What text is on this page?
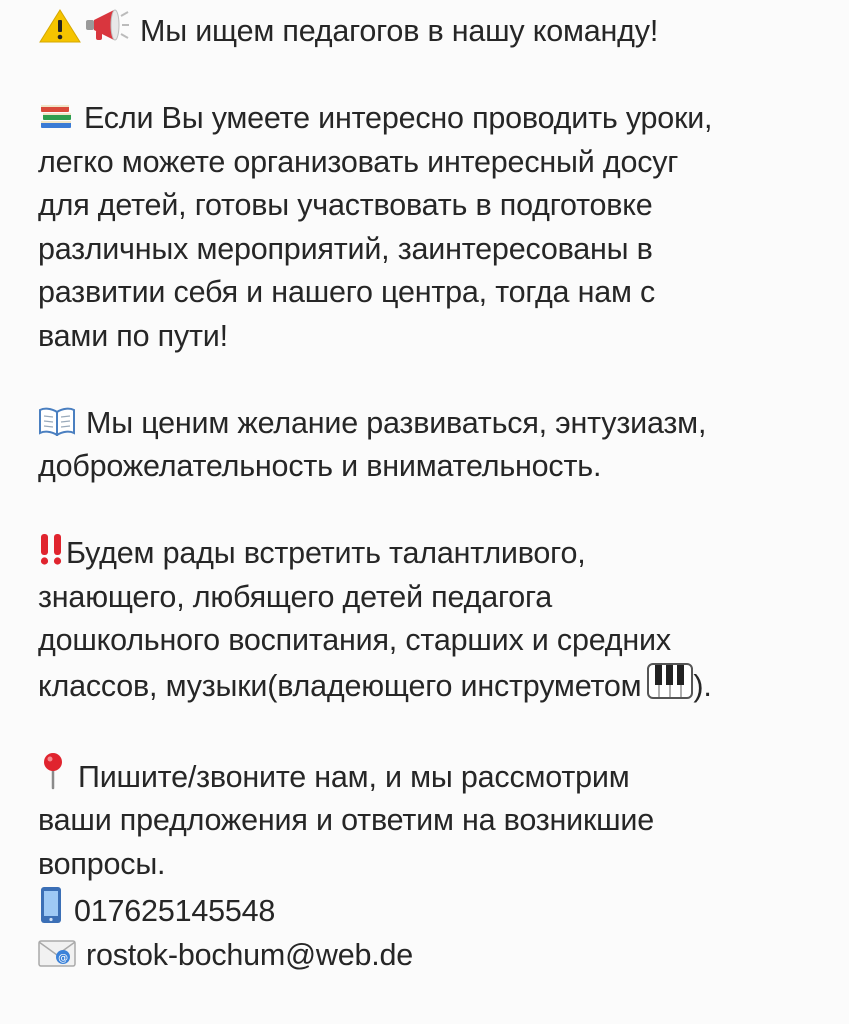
Мы ищем педагогов в нашу команду!

Если Вы умеете интересно проводить уроки,
легко можете организовать интересный досуг
для детей, готовы участвовать в подготовке
различных мероприятий, заинтересованы в
развитии себя и нашего центра, тогда нам с
вами по пути!

Мы ценим желание развиваться, энтузиазм,
доброжелательность и внимательность.

Будем рады встретить талантливого,
знающего, любящего детей педагога
дошкольного воспитания, старших и средних
классов, музыки(владеющего инструметом ).

Пишите/звоните нам, и мы рассмотрим
ваши предложения и ответим на возникшие
вопросы.
017625145548
@ rostok-bochum@web.de
